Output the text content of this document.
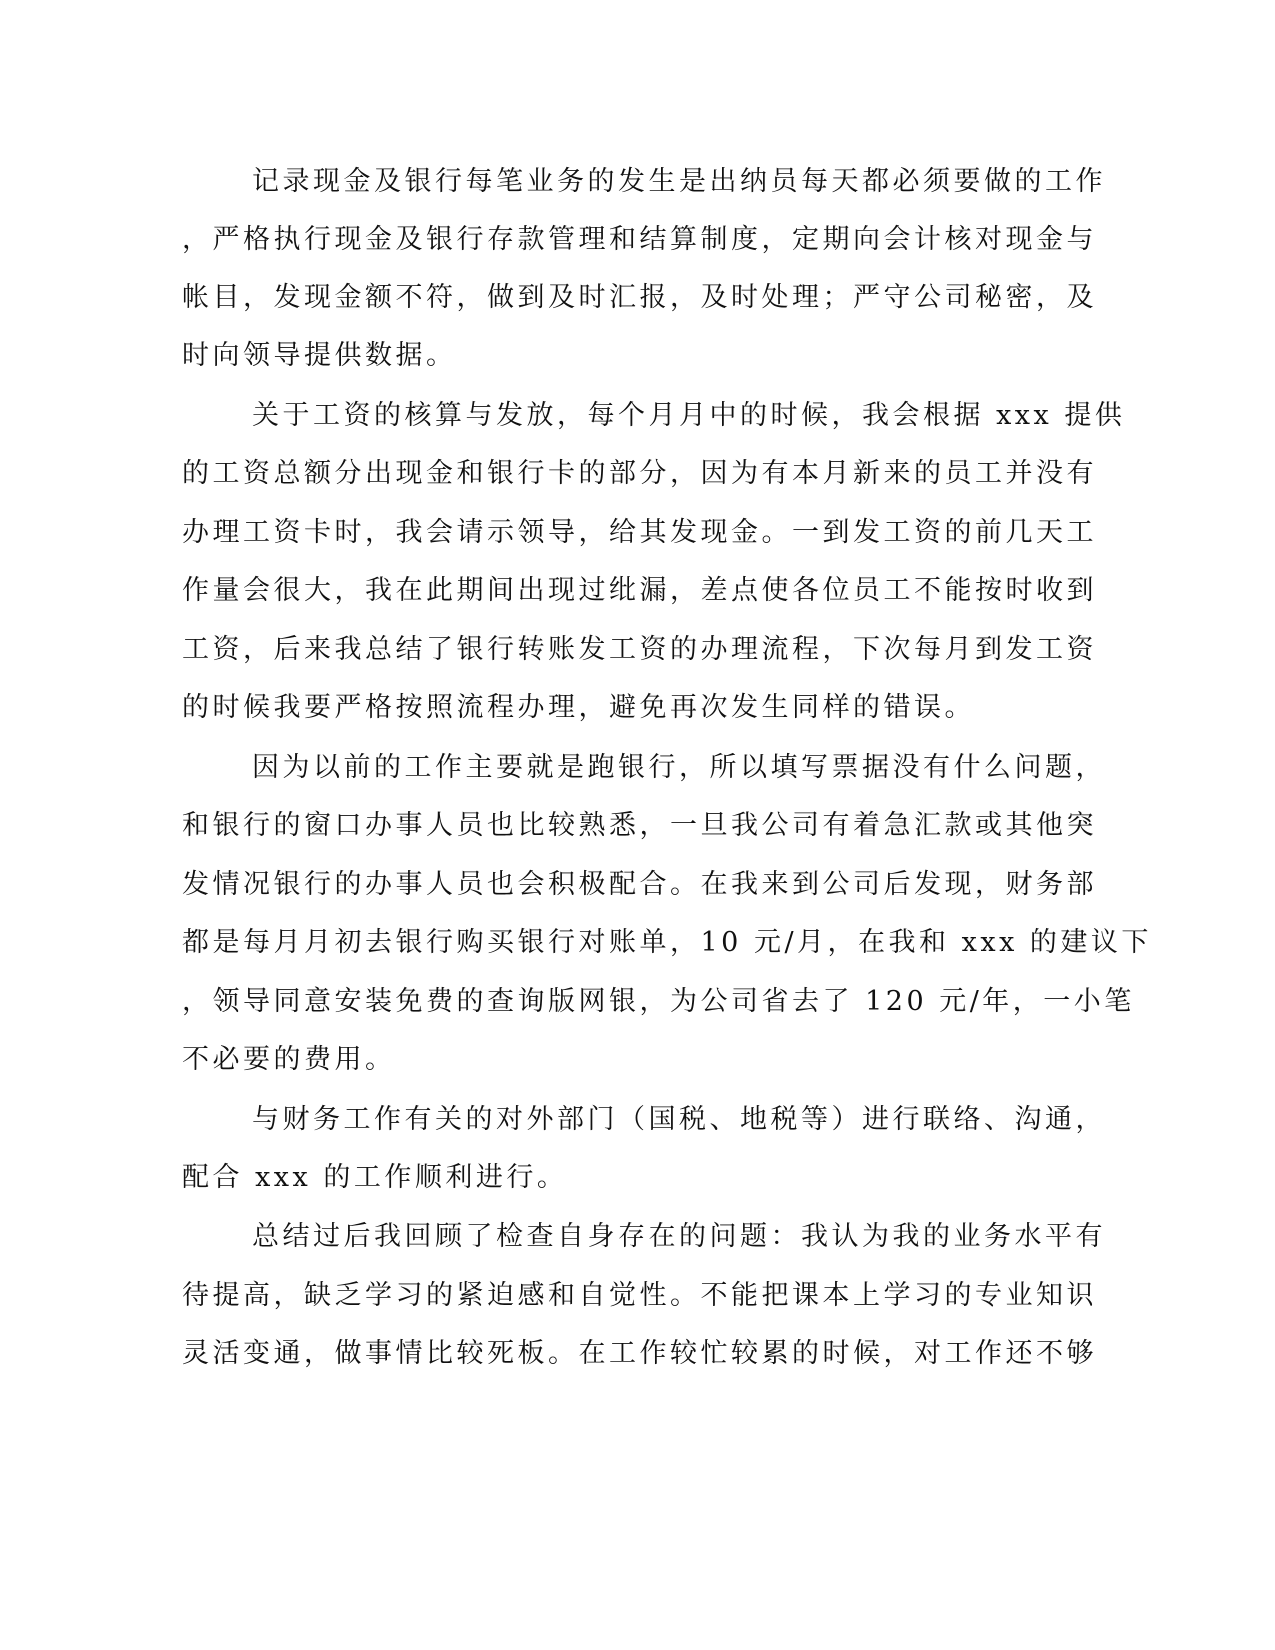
记录现金及银行每笔业务的发生是出纳员每天都必须要做的工作
，严格执行现金及银行存款管理和结算制度，定期向会计核对现金与
帐目，发现金额不符，做到及时汇报，及时处理；严守公司秘密，及
时向领导提供数据。
关于工资的核算与发放，每个月月中的时候，我会根据 xxx 提供
的工资总额分出现金和银行卡的部分，因为有本月新来的员工并没有
办理工资卡时，我会请示领导，给其发现金。一到发工资的前几天工
作量会很大，我在此期间出现过纰漏，差点使各位员工不能按时收到
工资，后来我总结了银行转账发工资的办理流程，下次每月到发工资
的时候我要严格按照流程办理，避免再次发生同样的错误。
因为以前的工作主要就是跑银行，所以填写票据没有什么问题，
和银行的窗口办事人员也比较熟悉，一旦我公司有着急汇款或其他突
发情况银行的办事人员也会积极配合。在我来到公司后发现，财务部
都是每月月初去银行购买银行对账单，10 元/月，在我和 xxx 的建议下
，领导同意安装免费的查询版网银，为公司省去了 120 元/年，一小笔
不必要的费用。
与财务工作有关的对外部门（国税、地税等）进行联络、沟通，
配合 xxx 的工作顺利进行。
总结过后我回顾了检查自身存在的问题：我认为我的业务水平有
待提高，缺乏学习的紧迫感和自觉性。不能把课本上学习的专业知识
灵活变通，做事情比较死板。在工作较忙较累的时候，对工作还不够
